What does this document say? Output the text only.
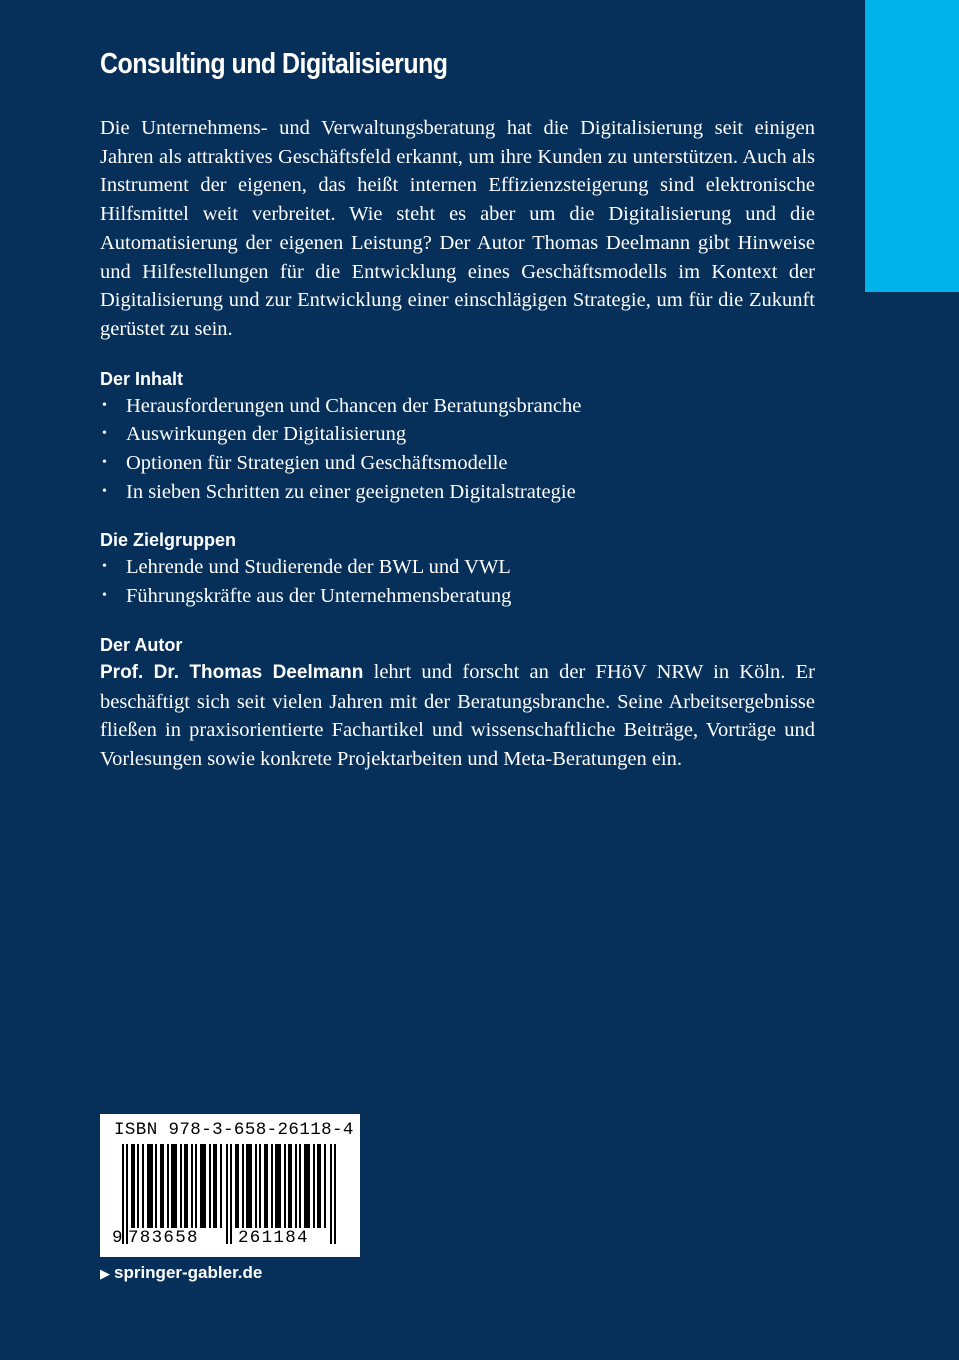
Consulting und Digitalisierung

Die Unternehmens- und Verwaltungsberatung hat die Digitalisierung seit einigen Jahren als attraktives Geschäftsfeld erkannt, um ihre Kunden zu unterstützen. Auch als Instrument der eigenen, das heißt internen Effizienzsteigerung sind elektronische Hilfsmittel weit verbreitet. Wie steht es aber um die Digitalisierung und die Automatisierung der eigenen Leistung? Der Autor Thomas Deelmann gibt Hinweise und Hilfestellungen für die Entwicklung eines Geschäftsmodells im Kontext der Digitalisierung und zur Entwicklung einer einschlägigen Strategie, um für die Zukunft gerüstet zu sein.

Der Inhalt
• Herausforderungen und Chancen der Beratungsbranche
• Auswirkungen der Digitalisierung
• Optionen für Strategien und Geschäftsmodelle
• In sieben Schritten zu einer geeigneten Digitalstrategie
Die Zielgruppen
• Lehrende und Studierende der BWL und VWL
• Führungskräfte aus der Unternehmensberatung
Der Autor

Prof. Dr. Thomas Deelmann lehrt und forscht an der FHöV NRW in Köln. Er beschäftigt sich seit vielen Jahren mit der Beratungsbranche. Seine Arbeitsergebnisse fließen in praxisorientierte Fachartikel und wissenschaftliche Beiträge, Vorträge und Vorlesungen sowie konkrete Projektarbeiten und Meta-Beratungen ein.

ISBN 978-3-658-26118-4
9 783658	261184
▶ springer-gabler.de
